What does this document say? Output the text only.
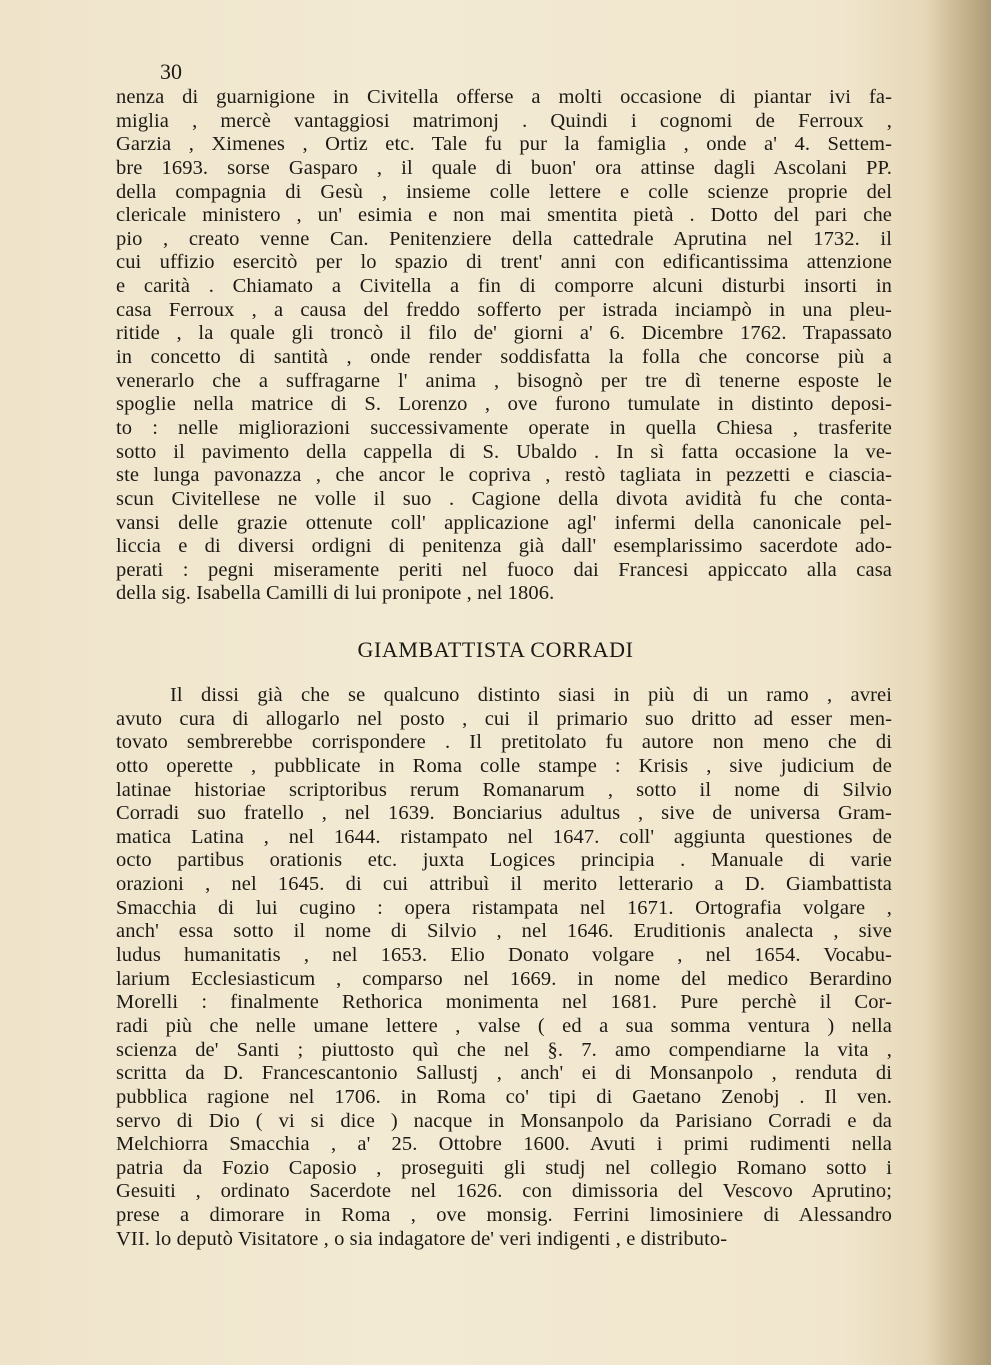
30
nenza di guarnigione in Civitella offerse a molti occasione di piantar ivi fa-
miglia , mercè vantaggiosi matrimonj . Quindi i cognomi de Ferroux ,
Garzia , Ximenes , Ortiz etc. Tale fu pur la famiglia , onde a' 4. Settem-
bre 1693. sorse Gasparo , il quale di buon' ora attinse dagli Ascolani PP.
della compagnia di Gesù , insieme colle lettere e colle scienze proprie del
clericale ministero , un' esimia e non mai smentita pietà . Dotto del pari che
pio , creato venne Can. Penitenziere della cattedrale Aprutina nel 1732. il
cui uffizio esercitò per lo spazio di trent' anni con edificantissima attenzione
e carità . Chiamato a Civitella a fin di comporre alcuni disturbi insorti in
casa Ferroux , a causa del freddo sofferto per istrada inciampò in una pleu-
ritide , la quale gli troncò il filo de' giorni a' 6. Dicembre 1762. Trapassato
in concetto di santità , onde render soddisfatta la folla che concorse più a
venerarlo che a suffragarne l' anima , bisognò per tre dì tenerne esposte le
spoglie nella matrice di S. Lorenzo , ove furono tumulate in distinto deposi-
to : nelle migliorazioni successivamente operate in quella Chiesa , trasferite
sotto il pavimento della cappella di S. Ubaldo . In sì fatta occasione la ve-
ste lunga pavonazza , che ancor le copriva , restò tagliata in pezzetti e ciascia-
scun Civitellese ne volle il suo . Cagione della divota avidità fu che conta-
vansi delle grazie ottenute coll' applicazione agl' infermi della canonicale pel-
liccia e di diversi ordigni di penitenza già dall' esemplarissimo sacerdote ado-
perati : pegni miseramente periti nel fuoco dai Francesi appiccato alla casa
della sig. Isabella Camilli di lui pronipote , nel 1806.
GIAMBATTISTA CORRADI
Il dissi già che se qualcuno distinto siasi in più di un ramo , avrei
avuto cura di allogarlo nel posto , cui il primario suo dritto ad esser men-
tovato sembrerebbe corrispondere . Il pretitolato fu autore non meno che di
otto operette , pubblicate in Roma colle stampe : Krisis , sive judicium de
latinae historiae scriptoribus rerum Romanarum , sotto il nome di Silvio
Corradi suo fratello , nel 1639. Bonciarius adultus , sive de universa Gram-
matica Latina , nel 1644. ristampato nel 1647. coll' aggiunta questiones de
octo partibus orationis etc. juxta Logices principia . Manuale di varie
orazioni , nel 1645. di cui attribuì il merito letterario a D. Giambattista
Smacchia di lui cugino : opera ristampata nel 1671. Ortografia volgare ,
anch' essa sotto il nome di Silvio , nel 1646. Eruditionis analecta , sive
ludus humanitatis , nel 1653. Elio Donato volgare , nel 1654. Vocabu-
larium Ecclesiasticum , comparso nel 1669. in nome del medico Berardino
Morelli : finalmente Rethorica monimenta nel 1681. Pure perchè il Cor-
radi più che nelle umane lettere , valse ( ed a sua somma ventura ) nella
scienza de' Santi ; piuttosto quì che nel §. 7. amo compendiarne la vita ,
scritta da D. Francescantonio Sallustj , anch' ei di Monsanpolo , renduta di
pubblica ragione nel 1706. in Roma co' tipi di Gaetano Zenobj . Il ven.
servo di Dio ( vi si dice ) nacque in Monsanpolo da Parisiano Corradi e da
Melchiorra Smacchia , a' 25. Ottobre 1600. Avuti i primi rudimenti nella
patria da Fozio Caposio , proseguiti gli studj nel collegio Romano sotto i
Gesuiti , ordinato Sacerdote nel 1626. con dimissoria del Vescovo Aprutino;
prese a dimorare in Roma , ove monsig. Ferrini limosiniere di Alessandro
VII. lo deputò Visitatore , o sia indagatore de' veri indigenti , e distributo-
